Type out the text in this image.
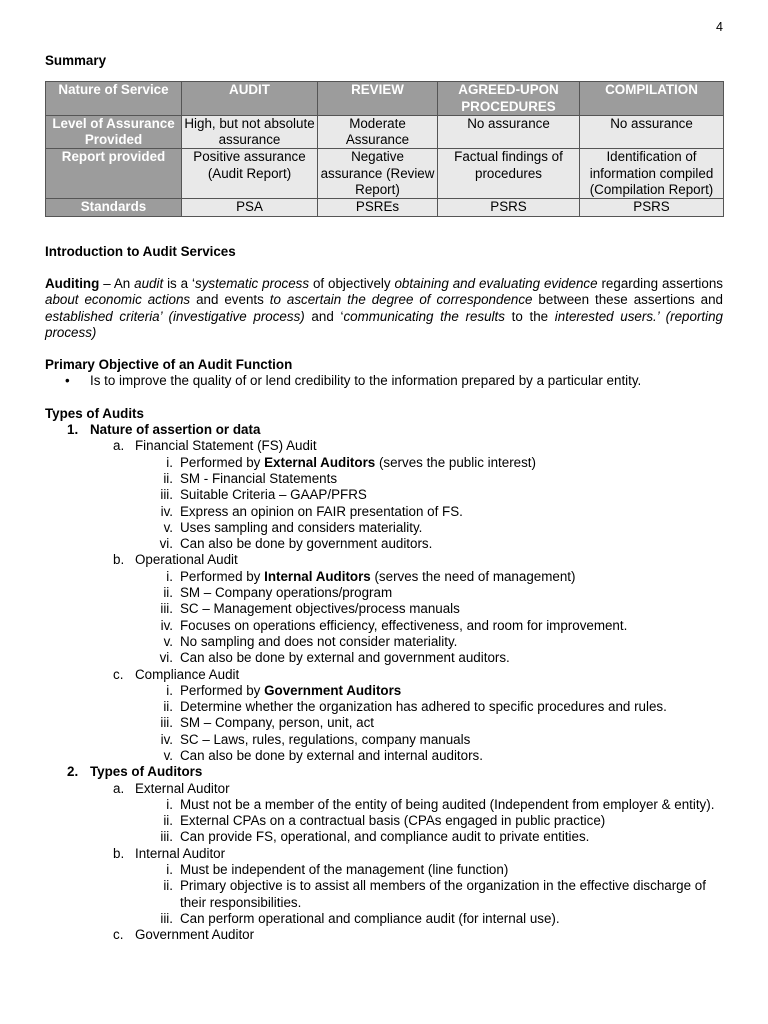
4
Summary
Nature of Service	AUDIT	REVIEW	AGREED-UPON PROCEDURES	COMPILATION
Level of Assurance Provided	High, but not absolute assurance	Moderate Assurance	No assurance	No assurance
Report provided	Positive assurance (Audit Report)	Negative assurance (Review Report)	Factual findings of procedures	Identification of information compiled (Compilation Report)
Standards	PSA	PSREs	PSRS	PSRS
Introduction to Audit Services
Auditing – An audit is a ‘systematic process of objectively obtaining and evaluating evidence regarding assertions about economic actions and events to ascertain the degree of correspondence between these assertions and established criteria’ (investigative process) and ‘communicating the results to the interested users.’ (reporting process)
Primary Objective of an Audit Function
• Is to improve the quality of or lend credibility to the information prepared by a particular entity.
Types of Audits
1. Nature of assertion or data
a. Financial Statement (FS) Audit
i. Performed by External Auditors (serves the public interest)
ii. SM - Financial Statements
iii. Suitable Criteria – GAAP/PFRS
iv. Express an opinion on FAIR presentation of FS.
v. Uses sampling and considers materiality.
vi. Can also be done by government auditors.
b. Operational Audit
i. Performed by Internal Auditors (serves the need of management)
ii. SM – Company operations/program
iii. SC – Management objectives/process manuals
iv. Focuses on operations efficiency, effectiveness, and room for improvement.
v. No sampling and does not consider materiality.
vi. Can also be done by external and government auditors.
c. Compliance Audit
i. Performed by Government Auditors
ii. Determine whether the organization has adhered to specific procedures and rules.
iii. SM – Company, person, unit, act
iv. SC – Laws, rules, regulations, company manuals
v. Can also be done by external and internal auditors.
2. Types of Auditors
a. External Auditor
i. Must not be a member of the entity of being audited (Independent from employer & entity).
ii. External CPAs on a contractual basis (CPAs engaged in public practice)
iii. Can provide FS, operational, and compliance audit to private entities.
b. Internal Auditor
i. Must be independent of the management (line function)
ii. Primary objective is to assist all members of the organization in the effective discharge of their responsibilities.
iii. Can perform operational and compliance audit (for internal use).
c. Government Auditor
